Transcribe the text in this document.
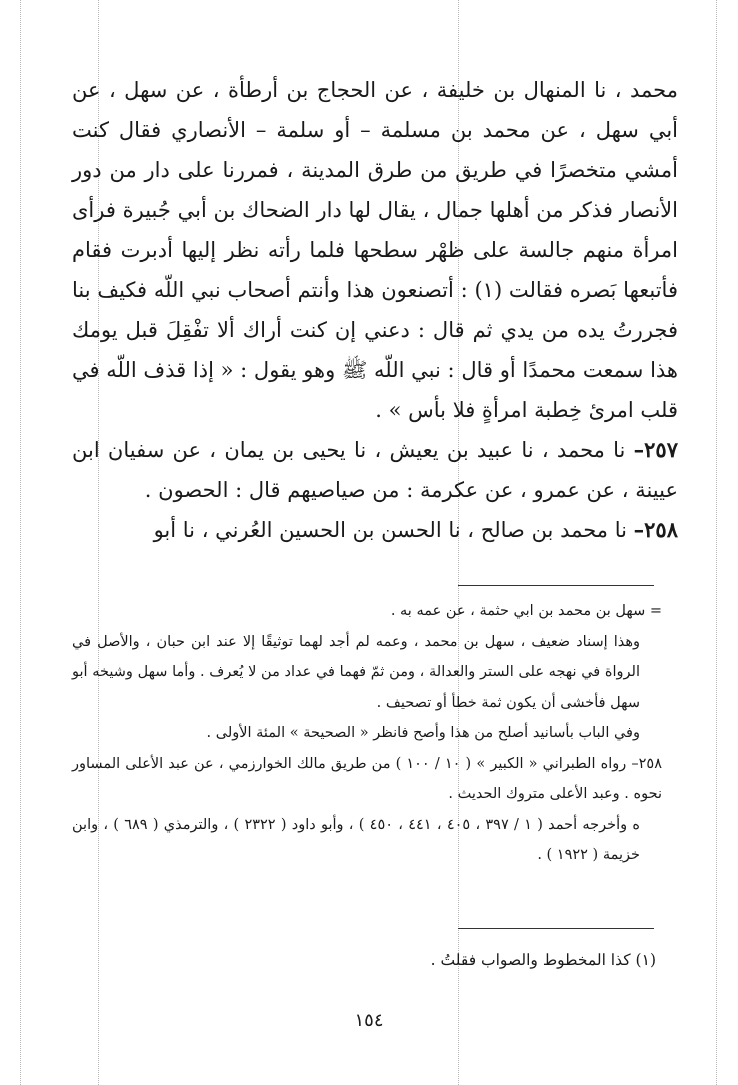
محمد ، نا المنهال بن خليفة ، عن الحجاج بن أرطأة ، عن سهل ، عن أبي سهل ، عن محمد بن مسلمة – أو سلمة – الأنصاري فقال كنت أمشي متخصرًا في طريق من طرق المدينة ، فمررنا على دار من دور الأنصار فذكر من أهلها جمال ، يقال لها دار الضحاك بن أبي جُبيرة فرأى امرأة منهم جالسة على ظهْر سطحها فلما رأته نظر إليها أدبرت فقام فأتبعها بَصره فقالت (١) : أتصنعون هذا وأنتم أصحاب نبي اللّه فكيف بنا فجررتُ يده من يدي ثم قال : دعني إن كنت أراك ألا تفْقِلَ قبل يومك هذا سمعت محمدًا أو قال : نبي اللّه ﷺ وهو يقول : « إذا قذف اللّه في قلب امرئ خِطبة امرأةٍ فلا بأس » .

٢٥٧– نا محمد ، نا عبيد بن يعيش ، نا يحيى بن يمان ، عن سفيان ابن عيينة ، عن عمرو ، عن عكرمة : من صياصيهم قال : الحصون .

٢٥٨– نا محمد بن صالح ، نا الحسن بن الحسين العُرني ، نا أبو

= سهل بن محمد بن ابي حثمة ، عن عمه به .

وهذا إسناد ضعيف ، سهل بن محمد ، وعمه لم أجد لهما توثيقًا إلا عند ابن حبان ، والأصل في الرواة في نهجه على الستر والعدالة ، ومن ثمّ فهما في عداد من لا يُعرف . وأما سهل وشيخه أبو سهل فأخشى أن يكون ثمة خطأ أو تصحيف .

وفي الباب بأسانيد أصلح من هذا وأصح فانظر « الصحيحة » المئة الأولى .

٢٥٨– رواه الطبراني « الكبير » ( ١٠ / ١٠٠ ) من طريق مالك الخوارزمي ، عن عبد الأعلى المساور نحوه . وعبد الأعلى متروك الحديث .

ه وأخرجه أحمد ( ١ / ٣٩٧ ، ٤٠٥ ، ٤٤١ ، ٤٥٠ ) ، وأبو داود ( ٢٣٢٢ ) ، والترمذي ( ٦٨٩ ) ، وابن خزيمة ( ١٩٢٢ ) .

(١) كذا المخطوط والصواب فقلتُ .
١٥٤
